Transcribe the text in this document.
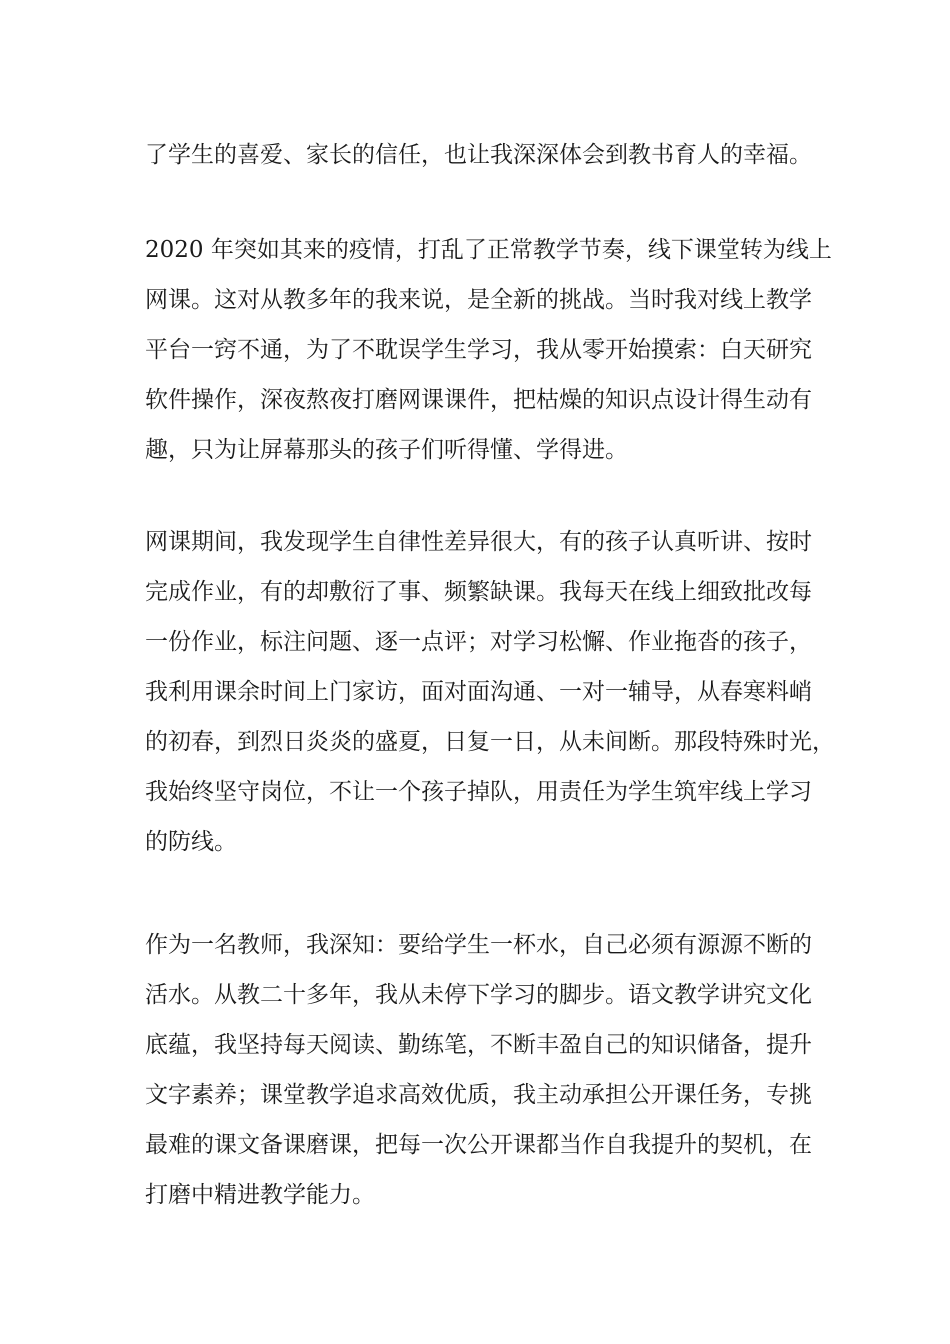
了学生的喜爱、家长的信任，也让我深深体会到教书育人的幸福。
2020 年突如其来的疫情，打乱了正常教学节奏，线下课堂转为线上
网课。这对从教多年的我来说，是全新的挑战。当时我对线上教学
平台一窍不通，为了不耽误学生学习，我从零开始摸索：白天研究
软件操作，深夜熬夜打磨网课课件，把枯燥的知识点设计得生动有
趣，只为让屏幕那头的孩子们听得懂、学得进。
网课期间，我发现学生自律性差异很大，有的孩子认真听讲、按时
完成作业，有的却敷衍了事、频繁缺课。我每天在线上细致批改每
一份作业，标注问题、逐一点评；对学习松懈、作业拖沓的孩子，
我利用课余时间上门家访，面对面沟通、一对一辅导，从春寒料峭
的初春，到烈日炎炎的盛夏，日复一日，从未间断。那段特殊时光，
我始终坚守岗位，不让一个孩子掉队，用责任为学生筑牢线上学习
的防线。
作为一名教师，我深知：要给学生一杯水，自己必须有源源不断的
活水。从教二十多年，我从未停下学习的脚步。语文教学讲究文化
底蕴，我坚持每天阅读、勤练笔，不断丰盈自己的知识储备，提升
文字素养；课堂教学追求高效优质，我主动承担公开课任务，专挑
最难的课文备课磨课，把每一次公开课都当作自我提升的契机，在
打磨中精进教学能力。
